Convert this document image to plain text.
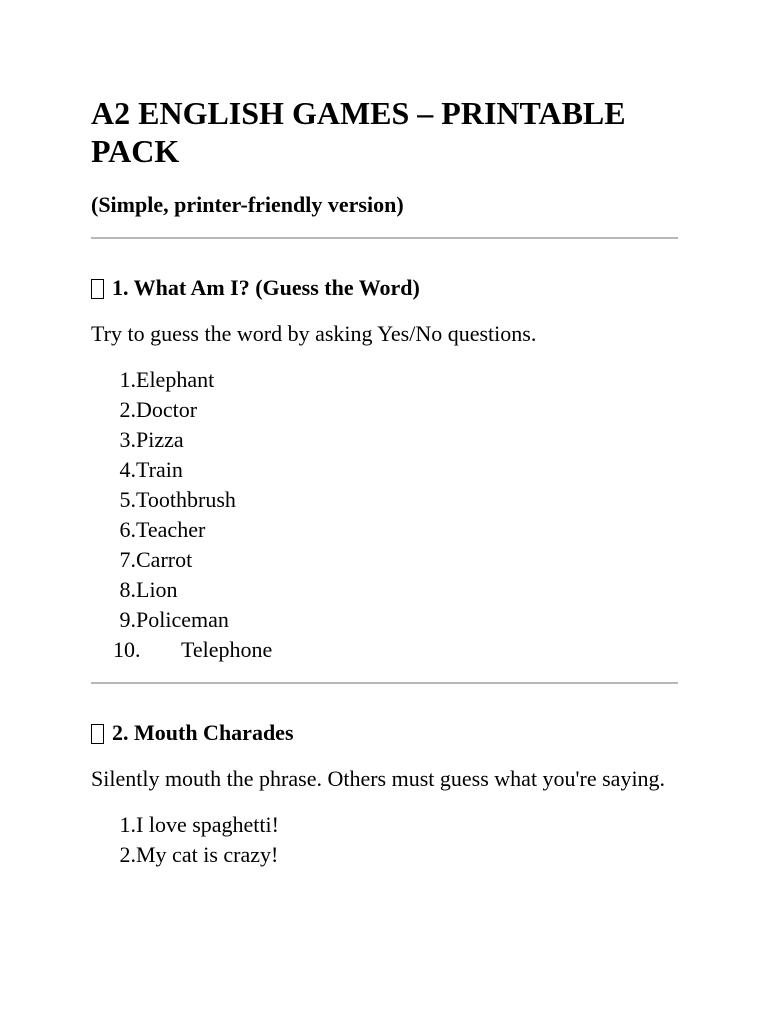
A2 ENGLISH GAMES – PRINTABLE PACK

(Simple, printer-friendly version)

1. What Am I? (Guess the Word)

Try to guess the word by asking Yes/No questions.

1. Elephant
2. Doctor
3. Pizza
4. Train
5. Toothbrush
6. Teacher
7. Carrot
8. Lion
9. Policeman
10.	Telephone
2. Mouth Charades

Silently mouth the phrase. Others must guess what you're saying.

1. I love spaghetti!
2. My cat is crazy!
